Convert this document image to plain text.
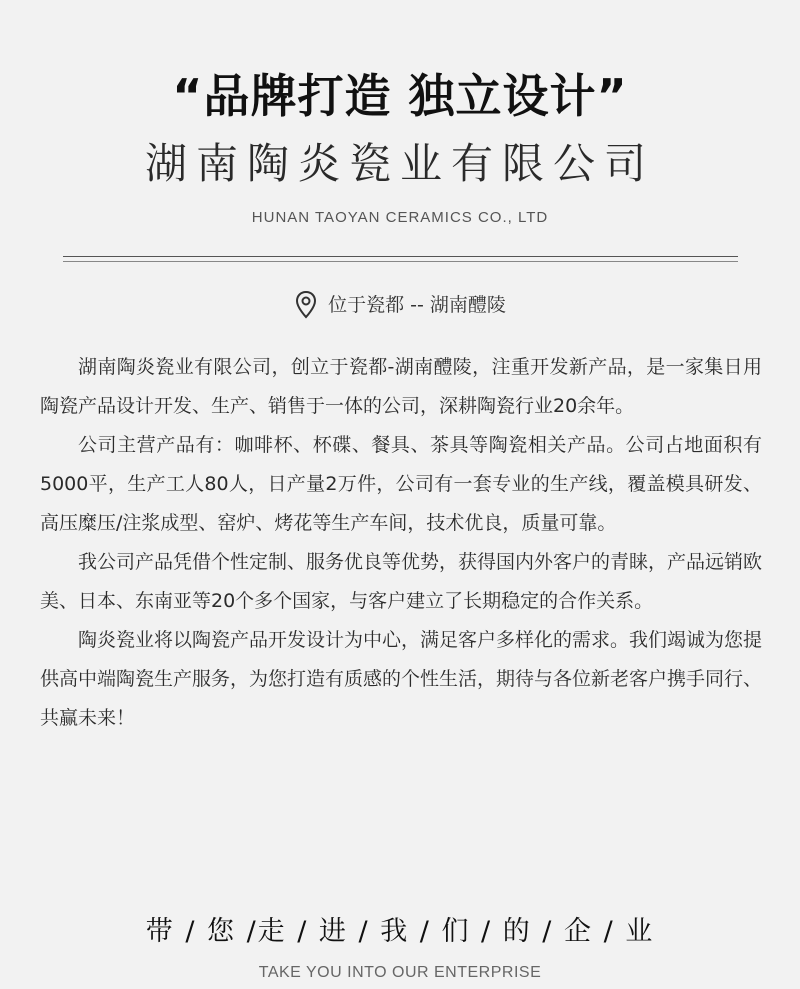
“品牌打造 独立设计”
湖南陶炎瓷业有限公司
HUNAN TAOYAN CERAMICS CO., LTD
位于瓷都 -- 湖南醴陵

湖南陶炎瓷业有限公司，创立于瓷都-湖南醴陵，注重开发新产品，是一家集日用陶瓷产品设计开发、生产、销售于一体的公司，深耕陶瓷行业20余年。

公司主营产品有：咖啡杯、杯碟、餐具、茶具等陶瓷相关产品。公司占地面积有5000平，生产工人80人，日产量2万件，公司有一套专业的生产线，覆盖模具研发、高压糜压/注浆成型、窑炉、烤花等生产车间，技术优良，质量可靠。

我公司产品凭借个性定制、服务优良等优势，获得国内外客户的青睐，产品远销欧美、日本、东南亚等20个多个国家，与客户建立了长期稳定的合作关系。

陶炎瓷业将以陶瓷产品开发设计为中心，满足客户多样化的需求。我们竭诚为您提供高中端陶瓷生产服务，为您打造有质感的个性生活，期待与各位新老客户携手同行、共赢未来！

带 / 您 /走 / 进 / 我 / 们 / 的 / 企 / 业
TAKE YOU INTO OUR ENTERPRISE
